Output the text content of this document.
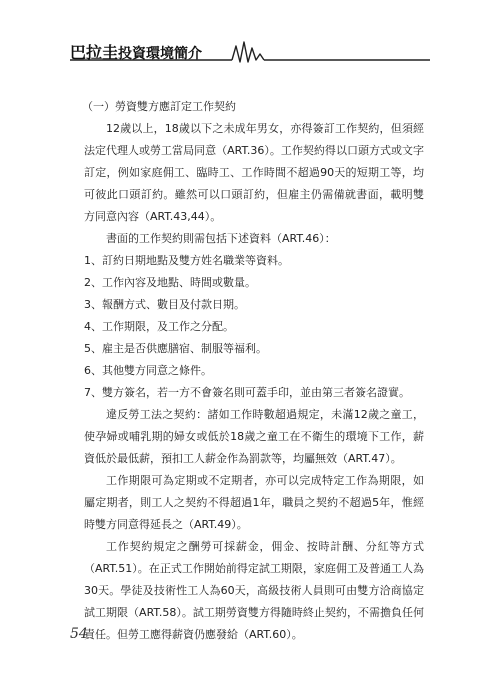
巴拉圭投資環境簡介

（一）勞資雙方應訂定工作契約

12歲以上，18歲以下之未成年男女，亦得簽訂工作契約，但須經法定代理人或勞工當局同意（ART.36）。工作契約得以口頭方式或文字訂定，例如家庭佣工、臨時工、工作時間不超過90天的短期工等，均可彼此口頭訂約。雖然可以口頭訂約，但雇主仍需備就書面，載明雙方同意內容（ART.43,44）。

書面的工作契約則需包括下述資料（ART.46）：

1、訂約日期地點及雙方姓名職業等資料。

2、工作內容及地點、時間或數量。

3、報酬方式、數目及付款日期。

4、工作期限，及工作之分配。

5、雇主是否供應膳宿、制服等福利。

6、其他雙方同意之條件。

7、雙方簽名，若一方不會簽名則可蓋手印，並由第三者簽名證實。

違反勞工法之契約：諸如工作時數超過規定，未滿12歲之童工，使孕婦或哺乳期的婦女或低於18歲之童工在不衛生的環境下工作，薪資低於最低薪，預扣工人薪金作為罰款等，均屬無效（ART.47）。

工作期限可為定期或不定期者，亦可以完成特定工作為期限，如屬定期者，則工人之契約不得超過1年，職員之契約不超過5年，惟經時雙方同意得延長之（ART.49）。

工作契約規定之酬勞可採薪金，佣金、按時計酬、分紅等方式（ART.51）。在正式工作開始前得定試工期限，家庭佣工及普通工人為30天。學徒及技術性工人為60天，高級技術人員則可由雙方洽商協定試工期限（ART.58）。試工期勞資雙方得隨時終止契約，不需擔負任何責任。但勞工應得薪資仍應發給（ART.60）。

54
